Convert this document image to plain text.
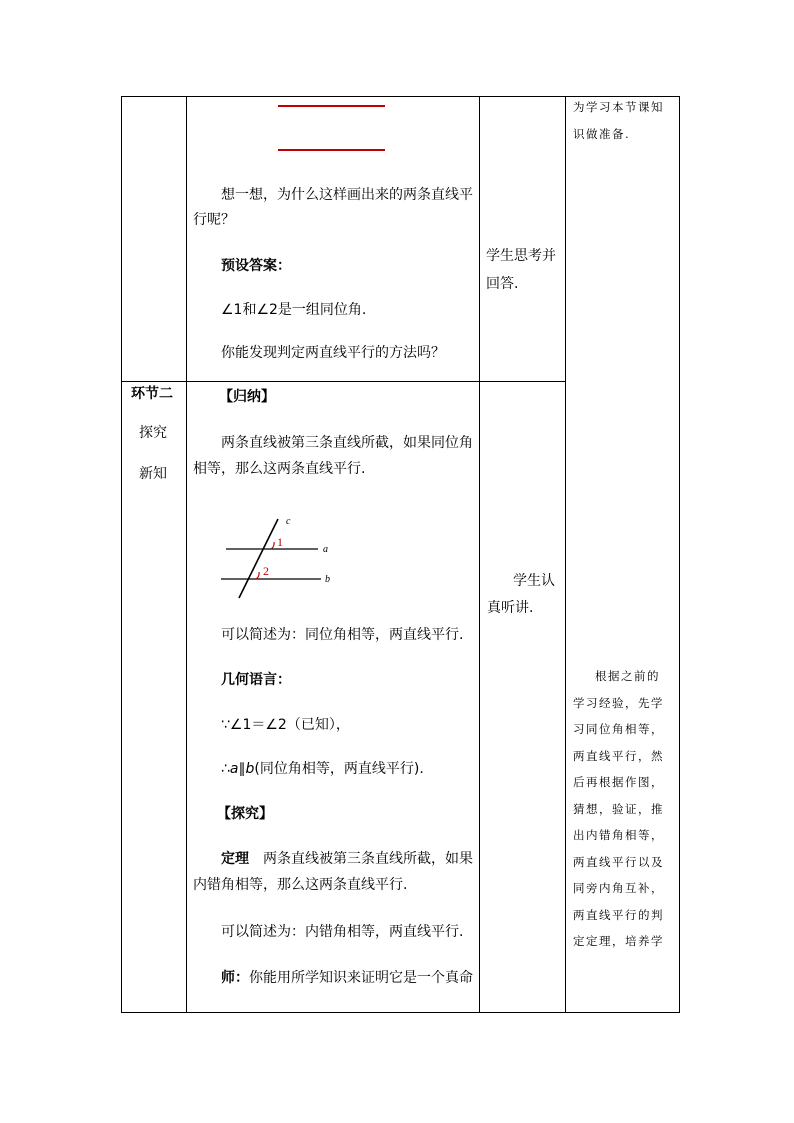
环节二
探究
新知
想一想，为什么这样画出来的两条直线平
行呢？
预设答案：
∠1和∠2是一组同位角.
你能发现判定两直线平行的方法吗？
【归纳】
两条直线被第三条直线所截，如果同位角
相等，那么这两条直线平行.
c
a
b
1
2
可以简述为：同位角相等，两直线平行.
几何语言：
∵∠1＝∠2（已知），
∴a∥b(同位角相等，两直线平行).
【探究】
定理 两条直线被第三条直线所截，如果
内错角相等，那么这两条直线平行.
可以简述为：内错角相等，两直线平行.
师：你能用所学知识来证明它是一个真命
学生思考并
回答.
学生认
真听讲.
为学习本节课知
识做准备.
根据之前的
学习经验，先学
习同位角相等，
两直线平行，然
后再根据作图，
猜想，验证，推
出内错角相等，
两直线平行以及
同旁内角互补，
两直线平行的判
定定理，培养学
